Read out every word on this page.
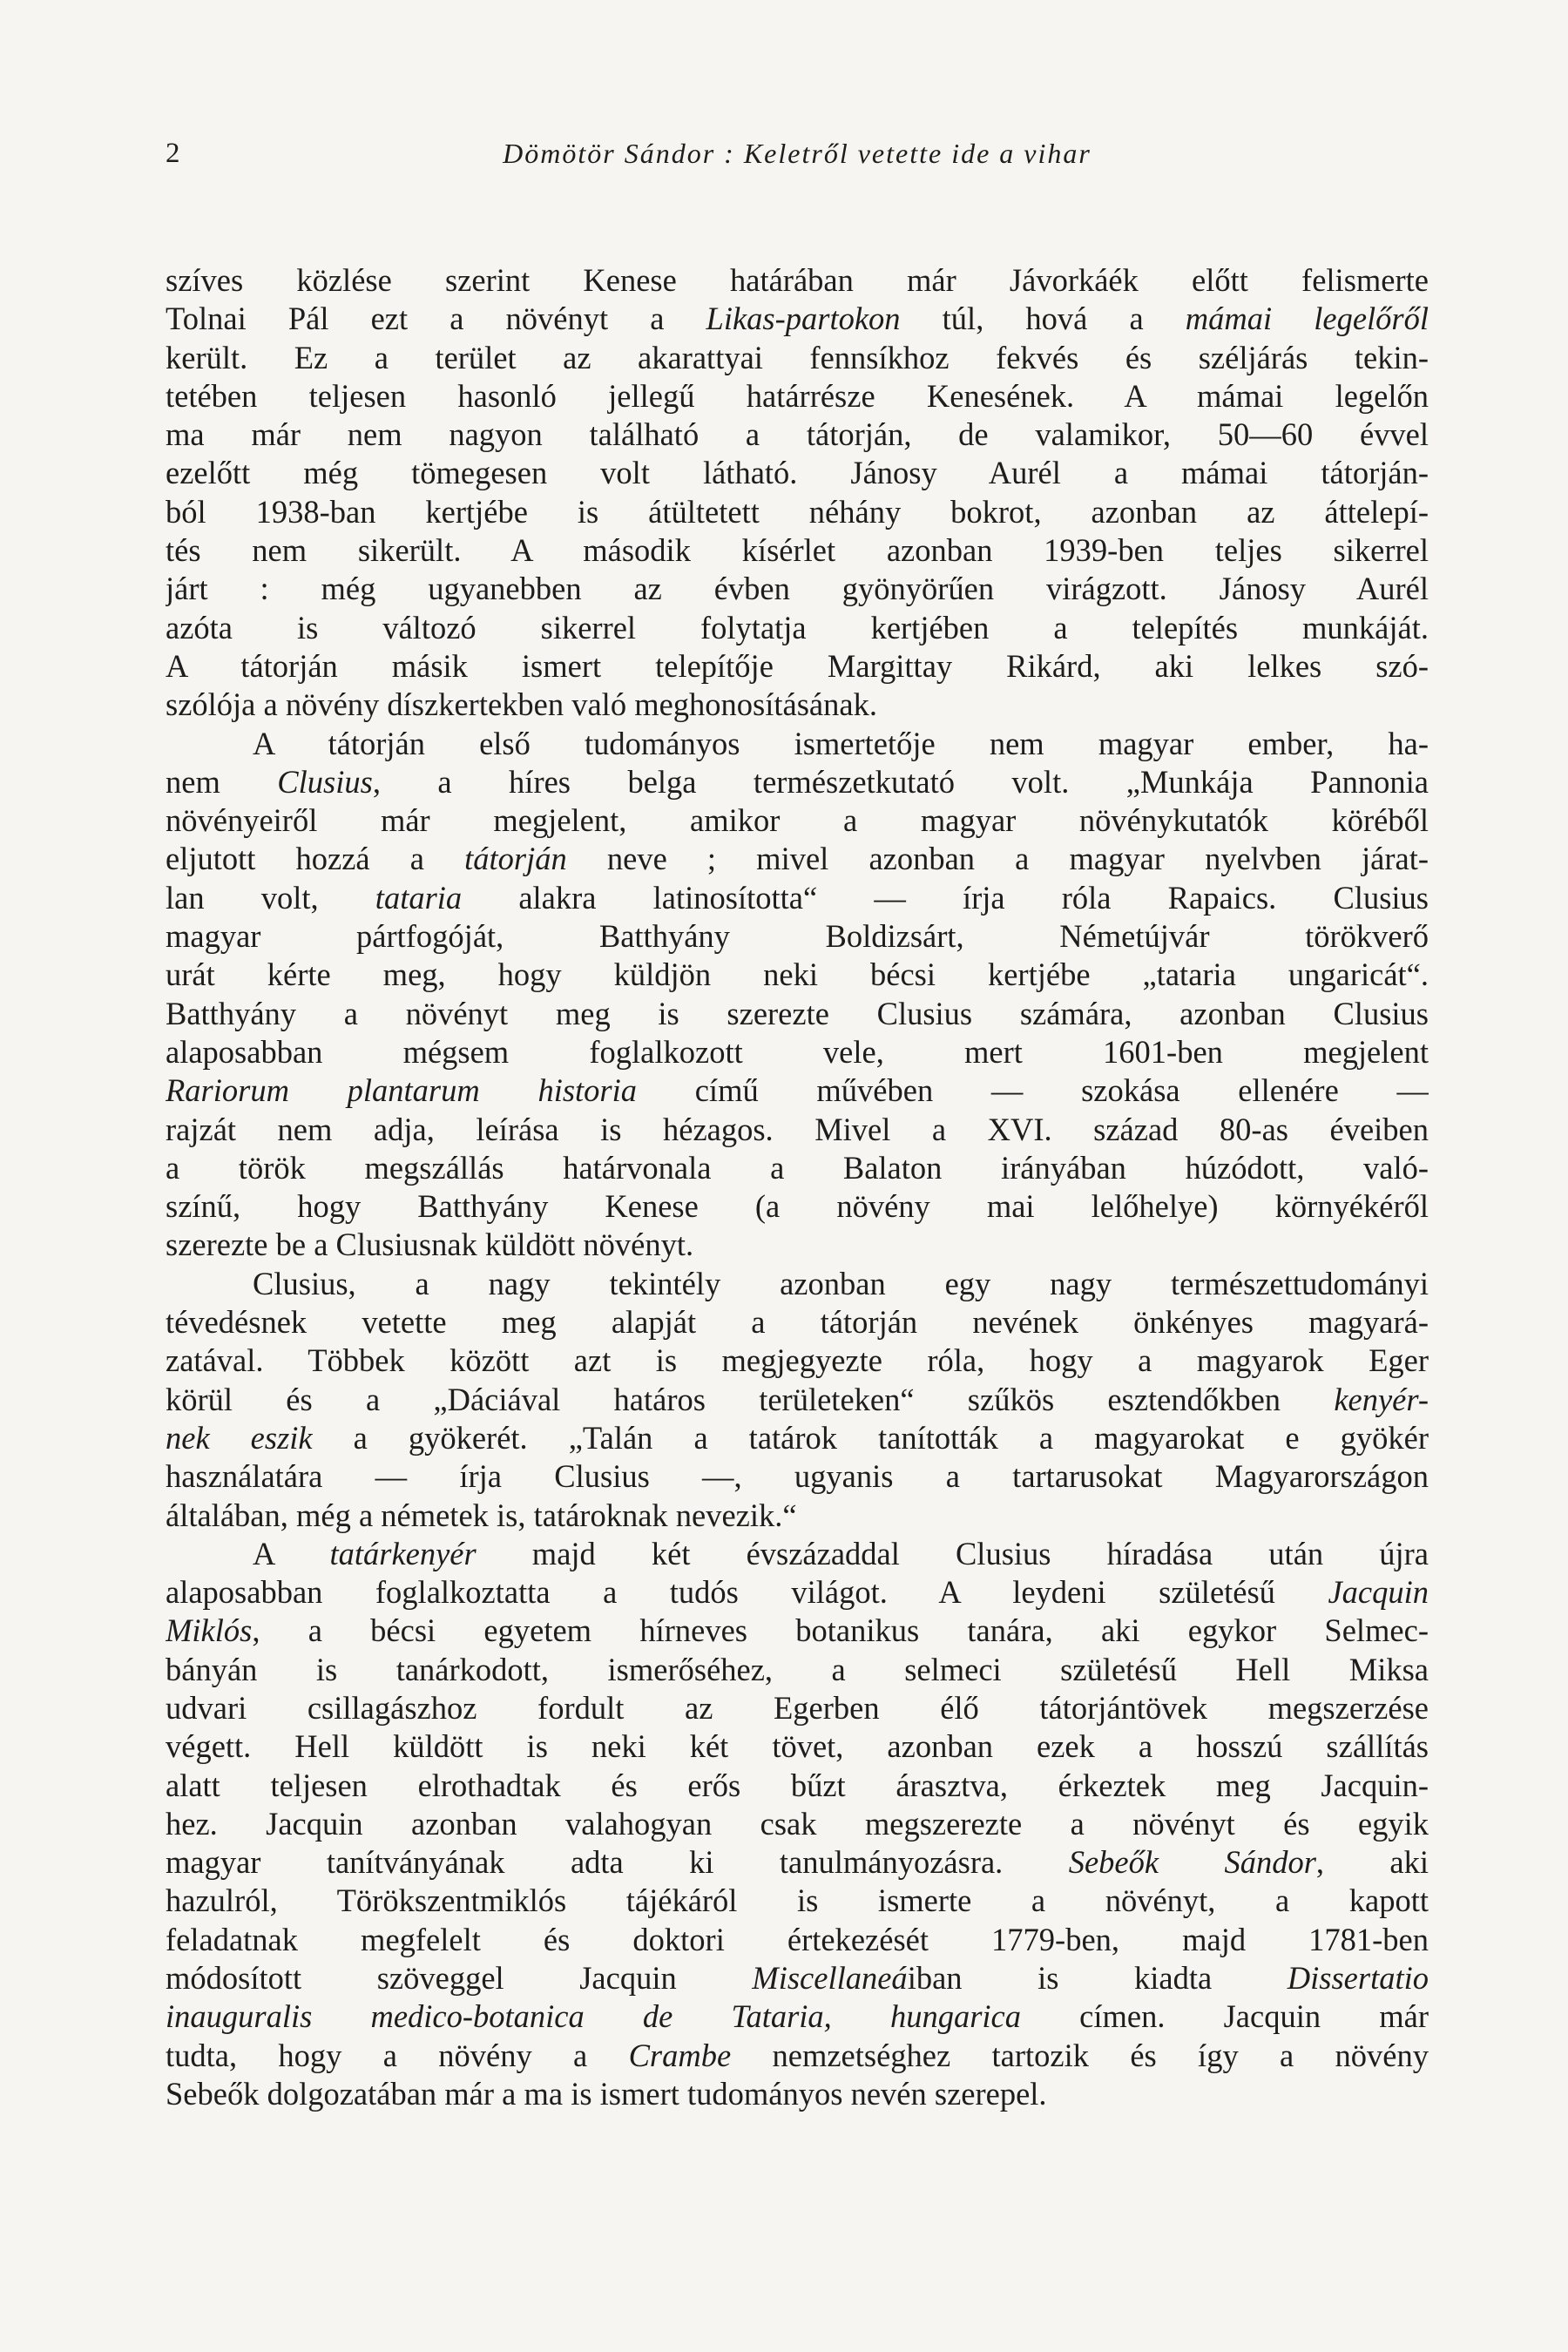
2	Dömötör Sándor : Keletről vetette ide a vihar
szíves közlése szerint Kenese határában már Jávorkáék előtt felismerte
Tolnai Pál ezt a növényt a Likas-partokon túl, hová a mámai legelőről
került. Ez a terület az akarattyai fennsíkhoz fekvés és széljárás tekin-
tetében teljesen hasonló jellegű határrésze Kenesének. A mámai legelőn
ma már nem nagyon található a tátorján, de valamikor, 50—60 évvel
ezelőtt még tömegesen volt látható. Jánosy Aurél a mámai tátorján-
ból 1938-ban kertjébe is átültetett néhány bokrot, azonban az áttelepí-
tés nem sikerült. A második kísérlet azonban 1939-ben teljes sikerrel
járt : még ugyanebben az évben gyönyörűen virágzott. Jánosy Aurél
azóta is változó sikerrel folytatja kertjében a telepítés munkáját.
A tátorján másik ismert telepítője Margittay Rikárd, aki lelkes szó-
szólója a növény díszkertekben való meghonosításának.
A tátorján első tudományos ismertetője nem magyar ember, ha-
nem Clusius, a híres belga természetkutató volt. „Munkája Pannonia
növényeiről már megjelent, amikor a magyar növénykutatók köréből
eljutott hozzá a tátorján neve ; mivel azonban a magyar nyelvben járat-
lan volt, tataria alakra latinosította“ — írja róla Rapaics. Clusius
magyar pártfogóját, Batthyány Boldizsárt, Németújvár törökverő
urát kérte meg, hogy küldjön neki bécsi kertjébe „tataria ungaricát“.
Batthyány a növényt meg is szerezte Clusius számára, azonban Clusius
alaposabban mégsem foglalkozott vele, mert 1601-ben megjelent
Rariorum plantarum historia című művében — szokása ellenére —
rajzát nem adja, leírása is hézagos. Mivel a XVI. század 80-as éveiben
a török megszállás határvonala a Balaton irányában húzódott, való-
színű, hogy Batthyány Kenese (a növény mai lelőhelye) környékéről
szerezte be a Clusiusnak küldött növényt.
Clusius, a nagy tekintély azonban egy nagy természettudományi
tévedésnek vetette meg alapját a tátorján nevének önkényes magyará-
zatával. Többek között azt is megjegyezte róla, hogy a magyarok Eger
körül és a „Dáciával határos területeken“ szűkös esztendőkben kenyér-
nek eszik a gyökerét. „Talán a tatárok tanították a magyarokat e gyökér
használatára — írja Clusius —, ugyanis a tartarusokat Magyarországon
általában, még a németek is, tatároknak nevezik.“
A tatárkenyér majd két évszázaddal Clusius híradása után újra
alaposabban foglalkoztatta a tudós világot. A leydeni születésű Jacquin
Miklós, a bécsi egyetem hírneves botanikus tanára, aki egykor Selmec-
bányán is tanárkodott, ismerőséhez, a selmeci születésű Hell Miksa
udvari csillagászhoz fordult az Egerben élő tátorjántövek megszerzése
végett. Hell küldött is neki két tövet, azonban ezek a hosszú szállítás
alatt teljesen elrothadtak és erős bűzt árasztva, érkeztek meg Jacquin-
hez. Jacquin azonban valahogyan csak megszerezte a növényt és egyik
magyar tanítványának adta ki tanulmányozásra. Sebeők Sándor, aki
hazulról, Törökszentmiklós tájékáról is ismerte a növényt, a kapott
feladatnak megfelelt és doktori értekezését 1779-ben, majd 1781-ben
módosított szöveggel Jacquin Miscellaneáiban is kiadta Dissertatio
inauguralis medico-botanica de Tataria, hungarica címen. Jacquin már
tudta, hogy a növény a Crambe nemzetséghez tartozik és így a növény
Sebeők dolgozatában már a ma is ismert tudományos nevén szerepel.
